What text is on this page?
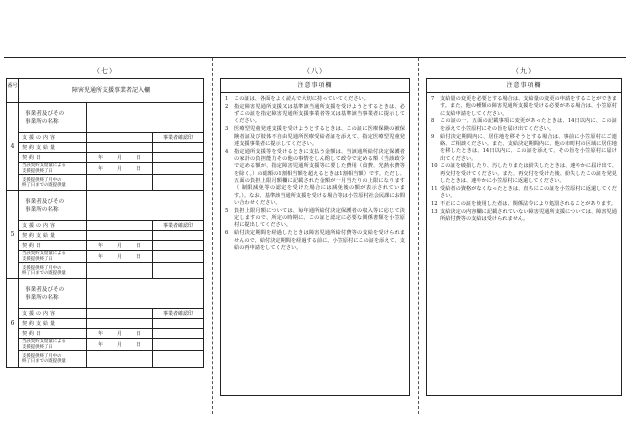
（七）	（八）	（九）
番号
障害児通所支援事業者記入欄
4
事業者及びその
事業所の名称
支援の内容	事業者確認印
契約支給量
契約日	年	月	日
当該契約支給量による
支援提供終了日	年	月	日
支援提供終了月中の
終了日までの既提供量
5
事業者及びその
事業所の名称
支援の内容	事業者確認印
契約支給量
契約日	年	月	日
当該契約支給量による
支援提供終了日	年	月	日
支援提供終了月中の
終了日までの既提供量
6
事業者及びその
事業所の名称
支援の内容	事業者確認印
契約支給量
契約日	年	月	日
当該契約支給量による
支援提供終了日	年	月	日
支援提供終了月中の
終了日までの既提供量
注意事項欄
1	この証は、各面をよく読んで大切に持っていてください。
2	指定障害児通所支援又は基準該当通所支援を受けようとするときは、必ずこの証を指定障害児通所支援事業者等又は基準該当事業者に提示してください。
3	医療型児童発達支援を受けようとするときは、この証に医療保険の被保険者証及び肢体不自由児通所医療受給者証を添えて、指定医療型児童発達支援事業者に提示してください。
4	指定通所支援等を受けるときに支払う金額は、当該通所給付決定保護者の家計の負担能力その他の事情をしん酌して政令で定める額（当該政令で定める額が、指定障害児通所支援等に要した費用（食費、光熱水費等を除く。）の総額の1割相当額を超えるときは1割相当額）です。ただし、五面の負担上限月額欄に記載された金額が一月当たりの上限になります（ 制限減免等の認定を受けた場合には減免後の額が表示されています。）。なお、基準該当通所支援を受ける場合等は小笠原村社会民課にお問い合わせください。
5	負担上限月額については、毎年通所給付決定保護者の収入等に応じて決定しますので、所定の時期に、この証と認定に必要な関係書類を小笠原村に提出してください。
6	給付決定期間を経過したときは障害児通所給付費等の支給を受けられませんので、給付決定期間を経過する前に、小笠原村にこの証を添えて、支給の再申請をしてください。
注意事項欄
7	支給量の変更を必要とする場合は、支給量の変更の申請をすることができます。また、他の種類の障害児通所支援を受ける必要がある場合は、小笠原村に支給申請をしてください。
8	この証の一、五面の記載事項に変更があったときは、14日以内に、この証を添えて小笠原村にその旨を届け出てください。
9	給付決定期間内に、居住地を移そうとする場合は、事前に小笠原村にご連絡、ご相談ください。また、支給決定期間内に、他の市町村の区域に居住地を移したときは、14日以内に、この証を添えて、その旨を小笠原村に届け出てください。
10 この証を破損したり、汚したりまたは紛失したときは、速やかに届け出て、再交付を受けてください。また、再交付を受けた後、紛失したこの証を発見したときは、速やかに小笠原村に返還してください。
11 受給者の資格がなくなったときは、直ちにこの証を小笠原村に返還してください。
12 不正にこの証を使用した者は、関係法令により処罰されることがあります。
13 支給決定の内容欄に記載されていない障害児通所支援については、障害児通所給付費等の支給は受けられません。
